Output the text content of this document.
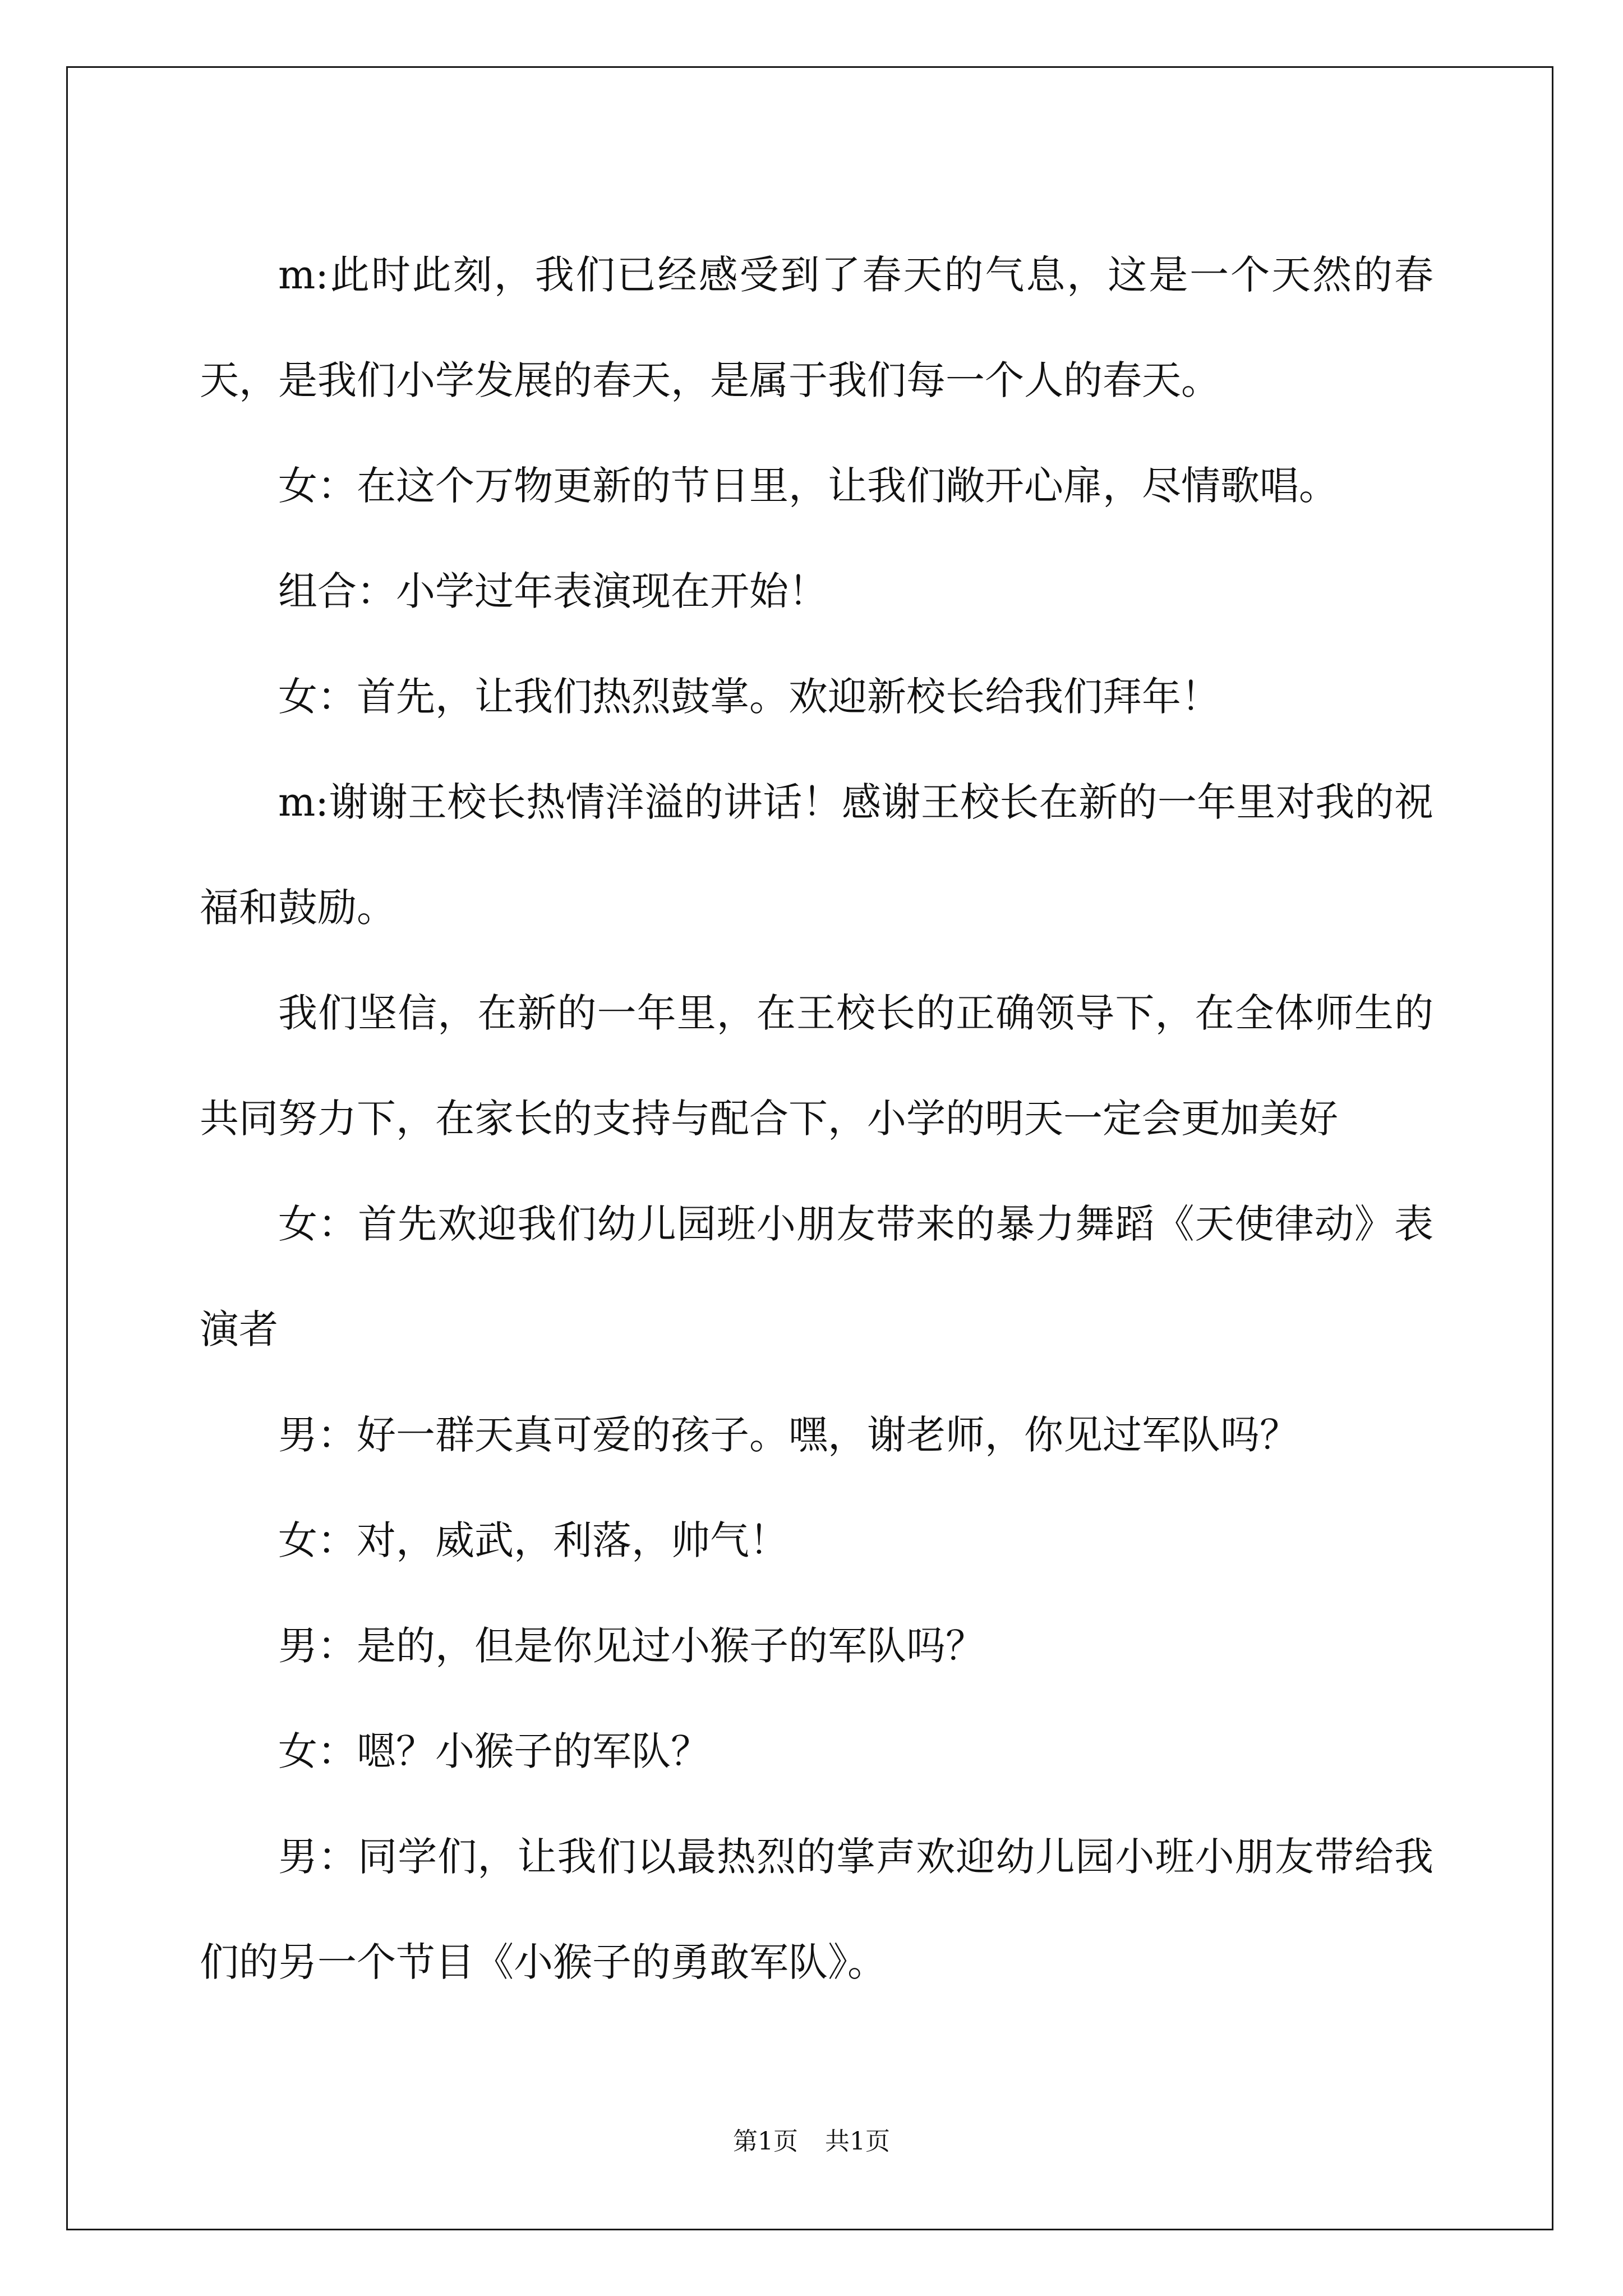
m:此时此刻，我们已经感受到了春天的气息，这是一个天然的春天，是我们小学发展的春天，是属于我们每一个人的春天。

女：在这个万物更新的节日里，让我们敞开心扉，尽情歌唱。

组合：小学过年表演现在开始！

女：首先，让我们热烈鼓掌。欢迎新校长给我们拜年！

m:谢谢王校长热情洋溢的讲话！感谢王校长在新的一年里对我的祝福和鼓励。

我们坚信，在新的一年里，在王校长的正确领导下，在全体师生的共同努力下，在家长的支持与配合下，小学的明天一定会更加美好

女：首先欢迎我们幼儿园班小朋友带来的暴力舞蹈《天使律动》表演者

男：好一群天真可爱的孩子。嘿，谢老师，你见过军队吗？

女：对，威武，利落，帅气！

男：是的，但是你见过小猴子的军队吗？

女：嗯？小猴子的军队？

男：同学们，让我们以最热烈的掌声欢迎幼儿园小班小朋友带给我们的另一个节目《小猴子的勇敢军队》。

第1页 共1页
